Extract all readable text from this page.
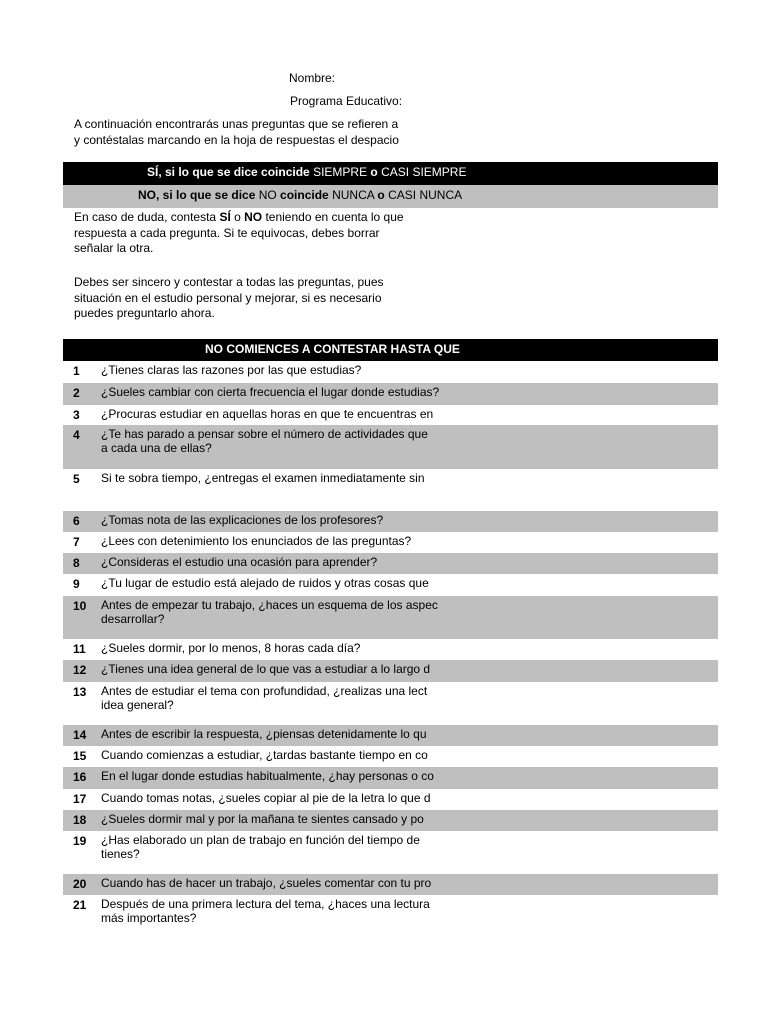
Nombre:
Programa Educativo:
A continuación encontrarás unas preguntas que se refieren a
y contéstalas marcando en la hoja de respuestas el despacio
SÍ, si lo que se dice coincide SIEMPRE o CASI SIEMPRE
NO, si lo que se dice NO coincide NUNCA o CASI NUNCA
En caso de duda, contesta SÍ o NO teniendo en cuenta lo que
respuesta a cada pregunta. Si te equivocas, debes borrar
señalar la otra.
Debes ser sincero y contestar a todas las preguntas, pues
situación en el estudio personal y mejorar, si es necesario
puedes preguntarlo ahora.
NO COMIENCES A CONTESTAR HASTA QUE
1	¿Tienes claras las razones por las que estudias?
2	¿Sueles cambiar con cierta frecuencia el lugar donde estudias?
3	¿Procuras estudiar en aquellas horas en que te encuentras en
4	¿Te has parado a pensar sobre el número de actividades que
a cada una de ellas?
5	Si te sobra tiempo, ¿entregas el examen inmediatamente sin
6	¿Tomas nota de las explicaciones de los profesores?
7	¿Lees con detenimiento los enunciados de las preguntas?
8	¿Consideras el estudio una ocasión para aprender?
9	¿Tu lugar de estudio está alejado de ruidos y otras cosas que
10	Antes de empezar tu trabajo, ¿haces un esquema de los aspec
desarrollar?
11	¿Sueles dormir, por lo menos, 8 horas cada día?
12	¿Tienes una idea general de lo que vas a estudiar a lo largo d
13	Antes de estudiar el tema con profundidad, ¿realizas una lect
idea general?
14	Antes de escribir la respuesta, ¿piensas detenidamente lo qu
15	Cuando comienzas a estudiar, ¿tardas bastante tiempo en co
16	En el lugar donde estudias habitualmente, ¿hay personas o co
17	Cuando tomas notas, ¿sueles copiar al pie de la letra lo que d
18	¿Sueles dormir mal y por la mañana te sientes cansado y po
19	¿Has elaborado un plan de trabajo en función del tiempo de
tienes?
20	Cuando has de hacer un trabajo, ¿sueles comentar con tu pro
21	Después de una primera lectura del tema, ¿haces una lectura
más importantes?
